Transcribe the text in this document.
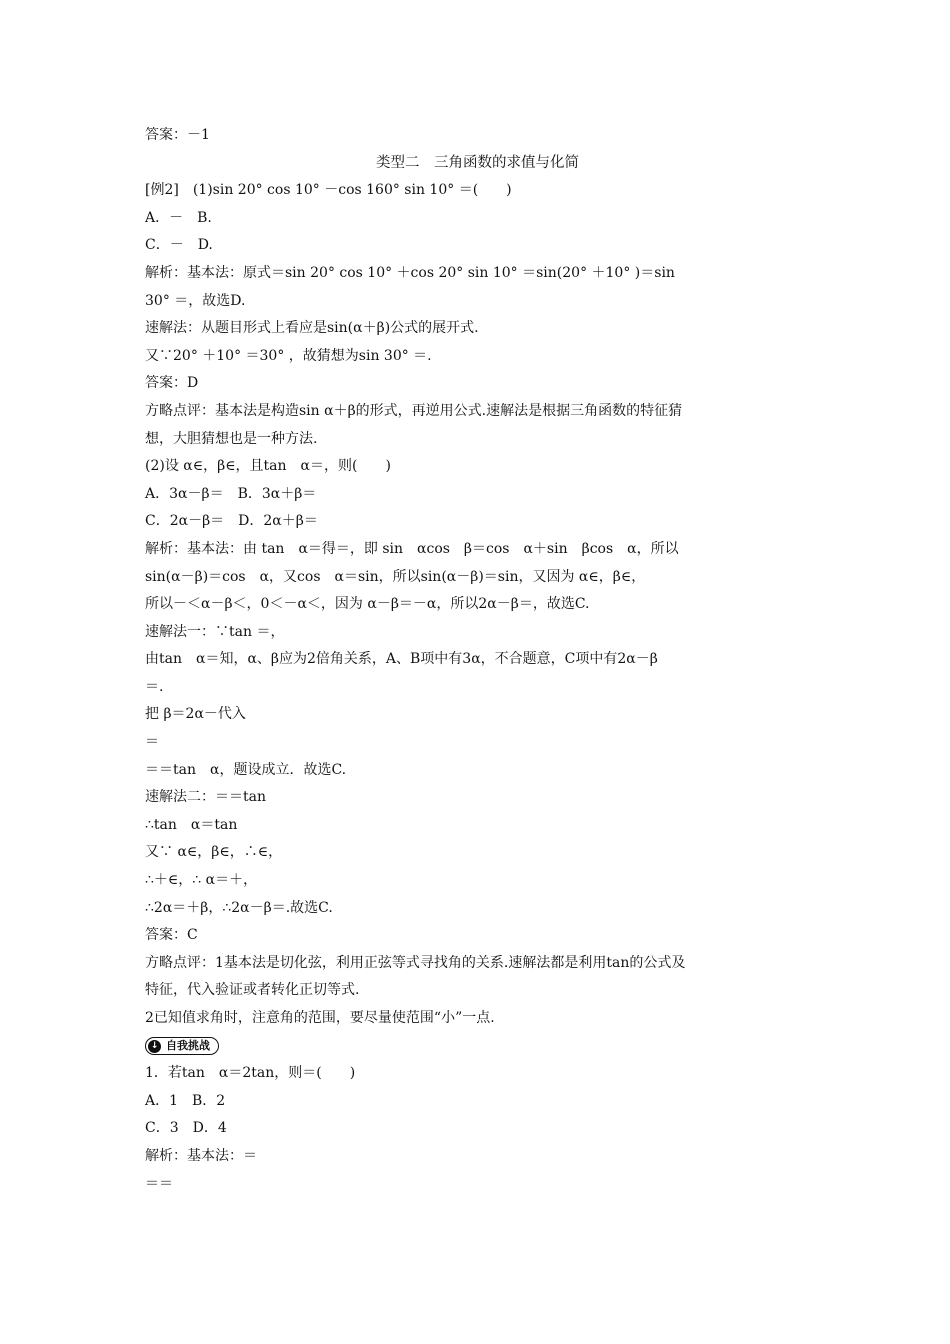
答案：－1
类型二　三角函数的求值与化简
[例2]　(1)sin 20° cos 10° －cos 160° sin 10° ＝(　　)
A．－　B.
C．－　D.
解析：基本法：原式＝sin 20° cos 10° ＋cos 20° sin 10° ＝sin(20° ＋10° )＝sin
30° ＝，故选D.
速解法：从题目形式上看应是sin(α＋β)公式的展开式.
又∵20° ＋10° ＝30° ，故猜想为sin 30° ＝.
答案：D
方略点评：基本法是构造sin α＋β的形式，再逆用公式.速解法是根据三角函数的特征猜
想，大胆猜想也是一种方法.
(2)设 α∈，β∈，且tan　α＝，则(　　)
A．3α－β＝　B．3α＋β＝
C．2α－β＝　D．2α＋β＝
解析：基本法：由 tan　α＝得＝，即 sin　αcos　β＝cos　α＋sin　βcos　α，所以
sin(α－β)＝cos　α，又cos　α＝sin，所以sin(α－β)＝sin，又因为 α∈，β∈，
所以－＜α－β＜，0＜－α＜，因为 α－β＝－α，所以2α－β＝，故选C.
速解法一：∵tan ＝，
由tan　α＝知，α、β应为2倍角关系，A、B项中有3α，不合题意，C项中有2α－β
＝.
把 β＝2α－代入
＝
＝＝tan　α，题设成立．故选C.
速解法二：＝＝tan
∴tan　α＝tan
又∵ α∈，β∈，∴∈，
∴＋∈，∴ α＝＋，
∴2α＝＋β，∴2α－β＝.故选C.
答案：C
方略点评：1基本法是切化弦，利用正弦等式寻找角的关系.速解法都是利用tan的公式及
特征，代入验证或者转化正切等式.
2已知值求角时，注意角的范围，要尽量使范围“小”一点.
↓ 自我挑战
1．若tan　α＝2tan，则＝(　　)
A．1　B．2
C．3　D．4
解析：基本法：＝
＝＝
